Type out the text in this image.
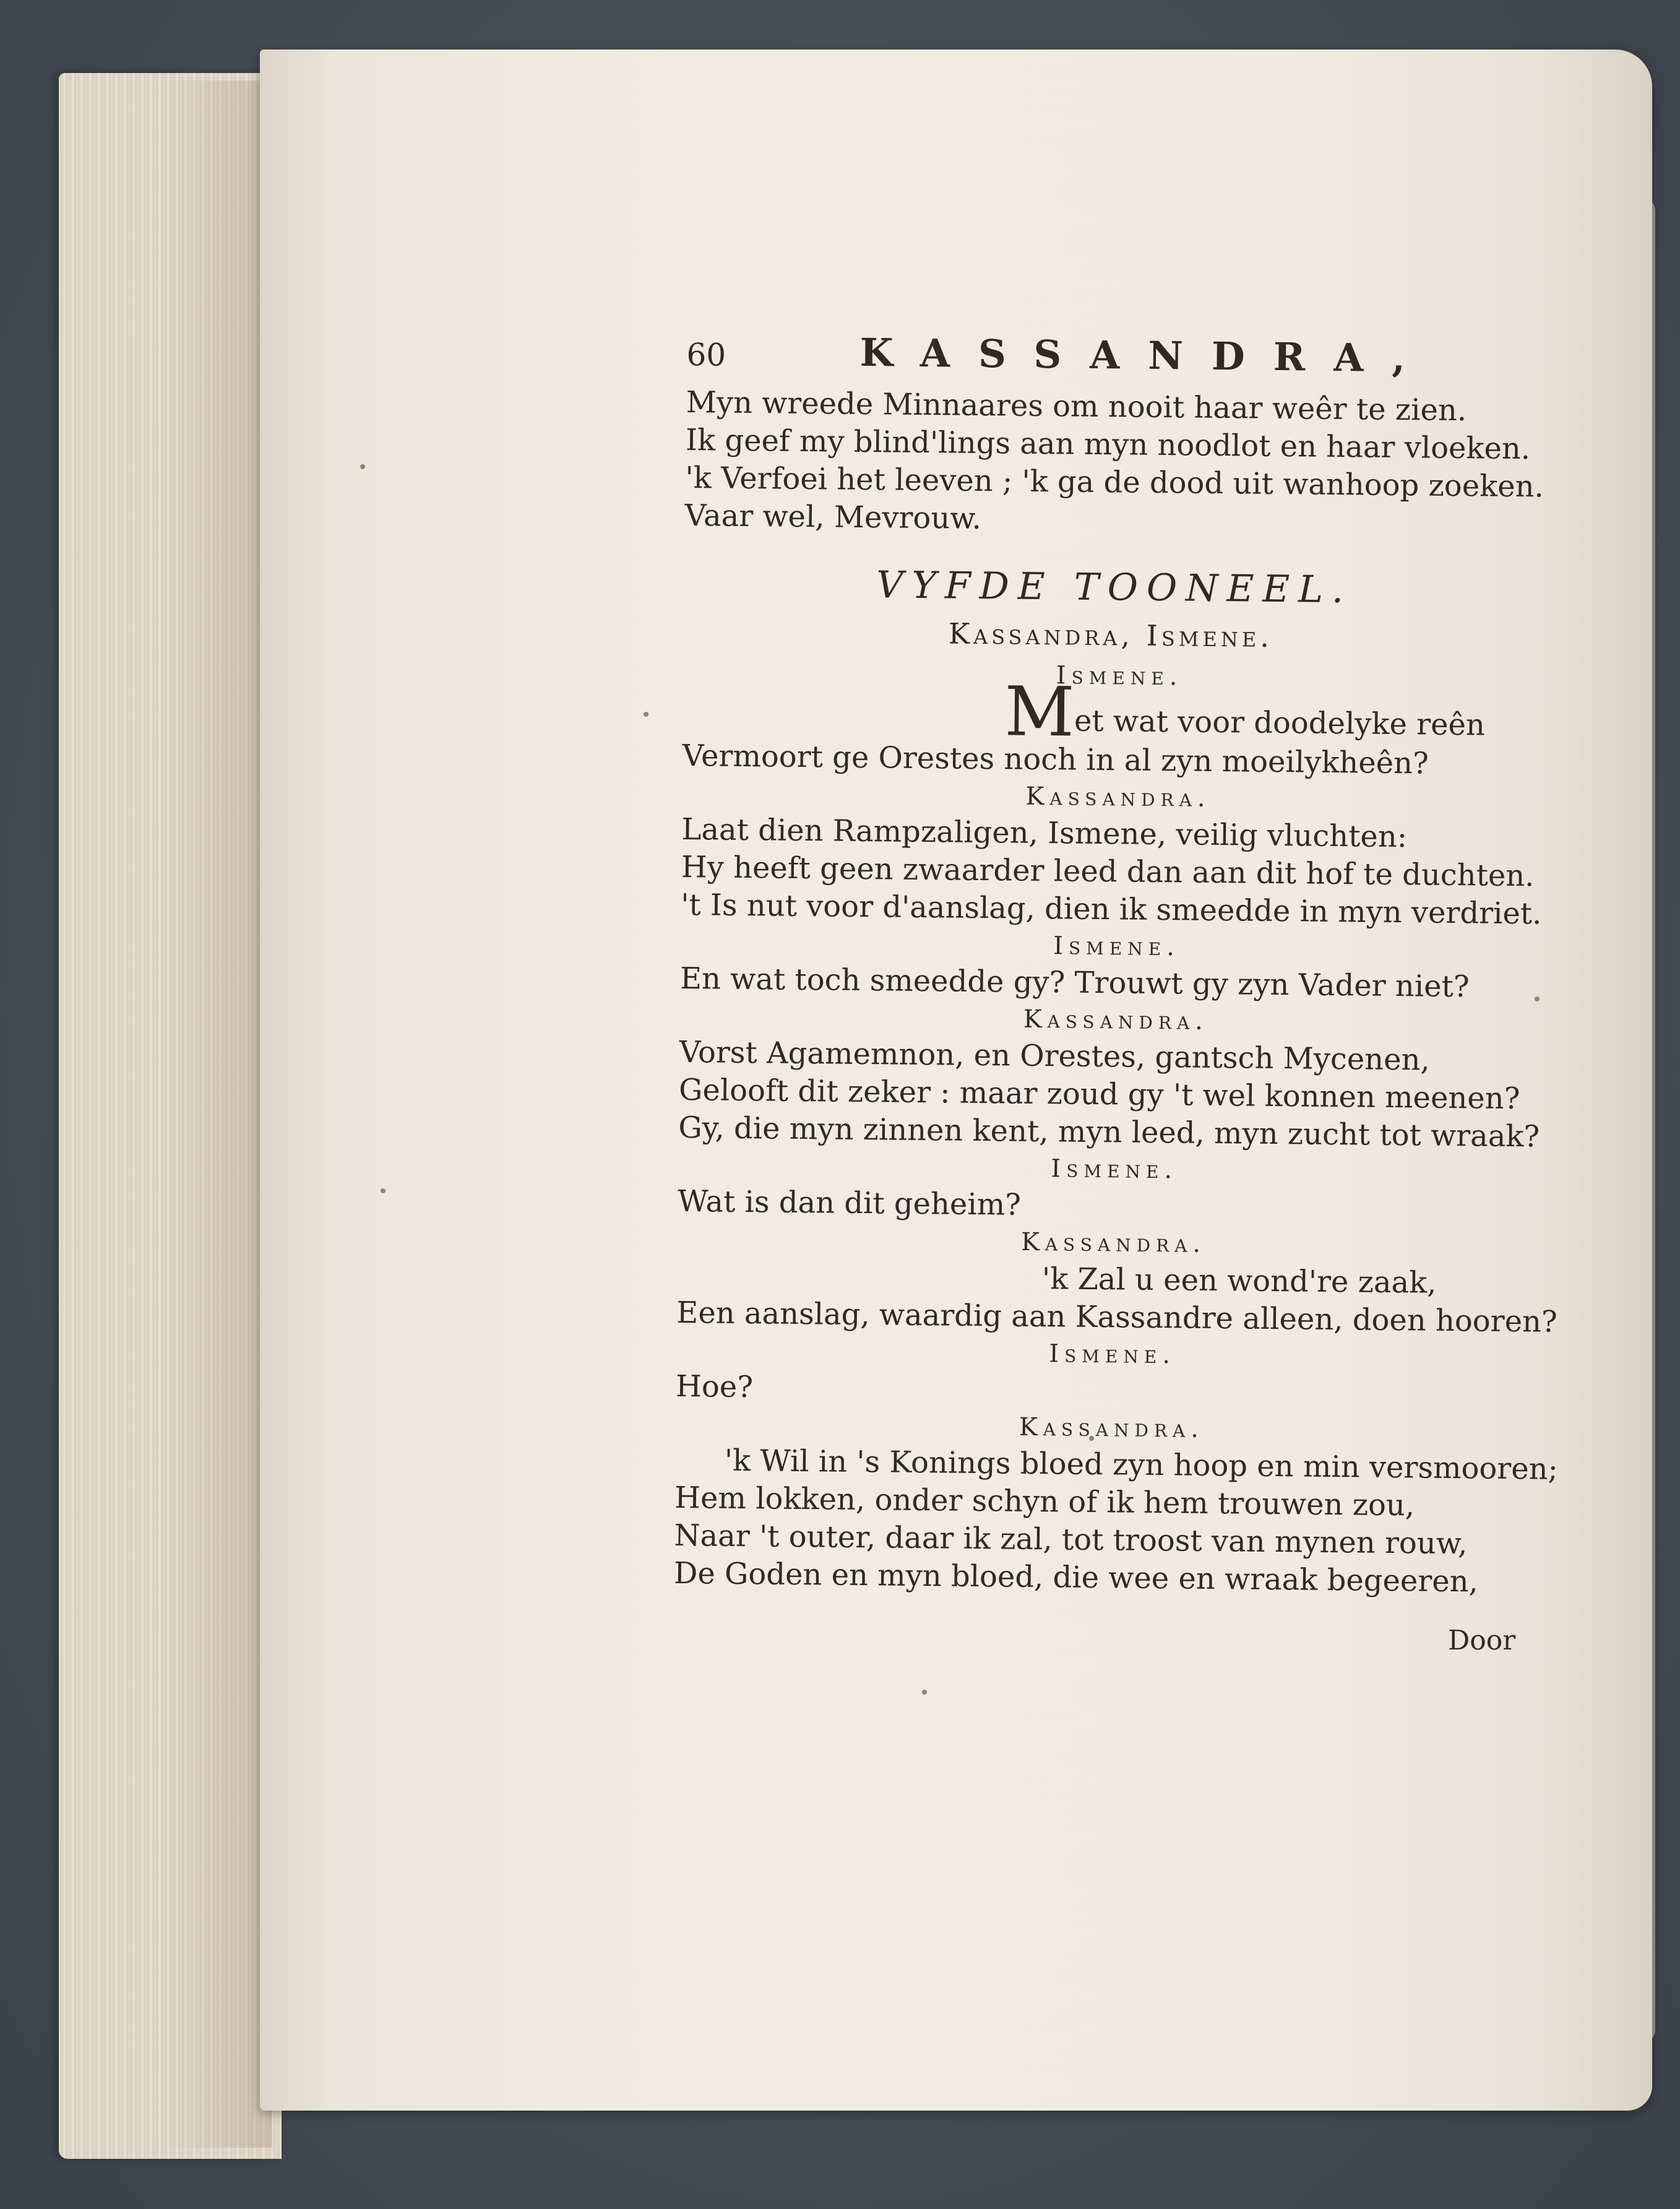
60	KASSANDRA,
Myn wreede Minnaares om nooit haar weêr te zien.
Ik geef my blind'lings aan myn noodlot en haar vloeken.
'k Verfoei het leeven ; 'k ga de dood uit wanhoop zoeken.
Vaar wel, Mevrouw.
VYFDE TOONEEL.
Kassandra, Ismene.
Ismene.
Met wat voor doodelyke reên
Vermoort ge Orestes noch in al zyn moeilykheên?
Kassandra.
Laat dien Rampzaligen, Ismene, veilig vluchten:
Hy heeft geen zwaarder leed dan aan dit hof te duchten.
't Is nut voor d'aanslag, dien ik smeedde in myn verdriet.
Ismene.
En wat toch smeedde gy? Trouwt gy zyn Vader niet?
Kassandra.
Vorst Agamemnon, en Orestes, gantsch Mycenen,
Gelooft dit zeker : maar zoud gy 't wel konnen meenen?
Gy, die myn zinnen kent, myn leed, myn zucht tot wraak?
Ismene.
Wat is dan dit geheim?
Kassandra.
'k Zal u een wond're zaak,
Een aanslag, waardig aan Kassandre alleen, doen hooren?
Ismene.
Hoe?
Kassandra.
'k Wil in 's Konings bloed zyn hoop en min versmooren;
Hem lokken, onder schyn of ik hem trouwen zou,
Naar 't outer, daar ik zal, tot troost van mynen rouw,
De Goden en myn bloed, die wee en wraak begeeren,
Door
